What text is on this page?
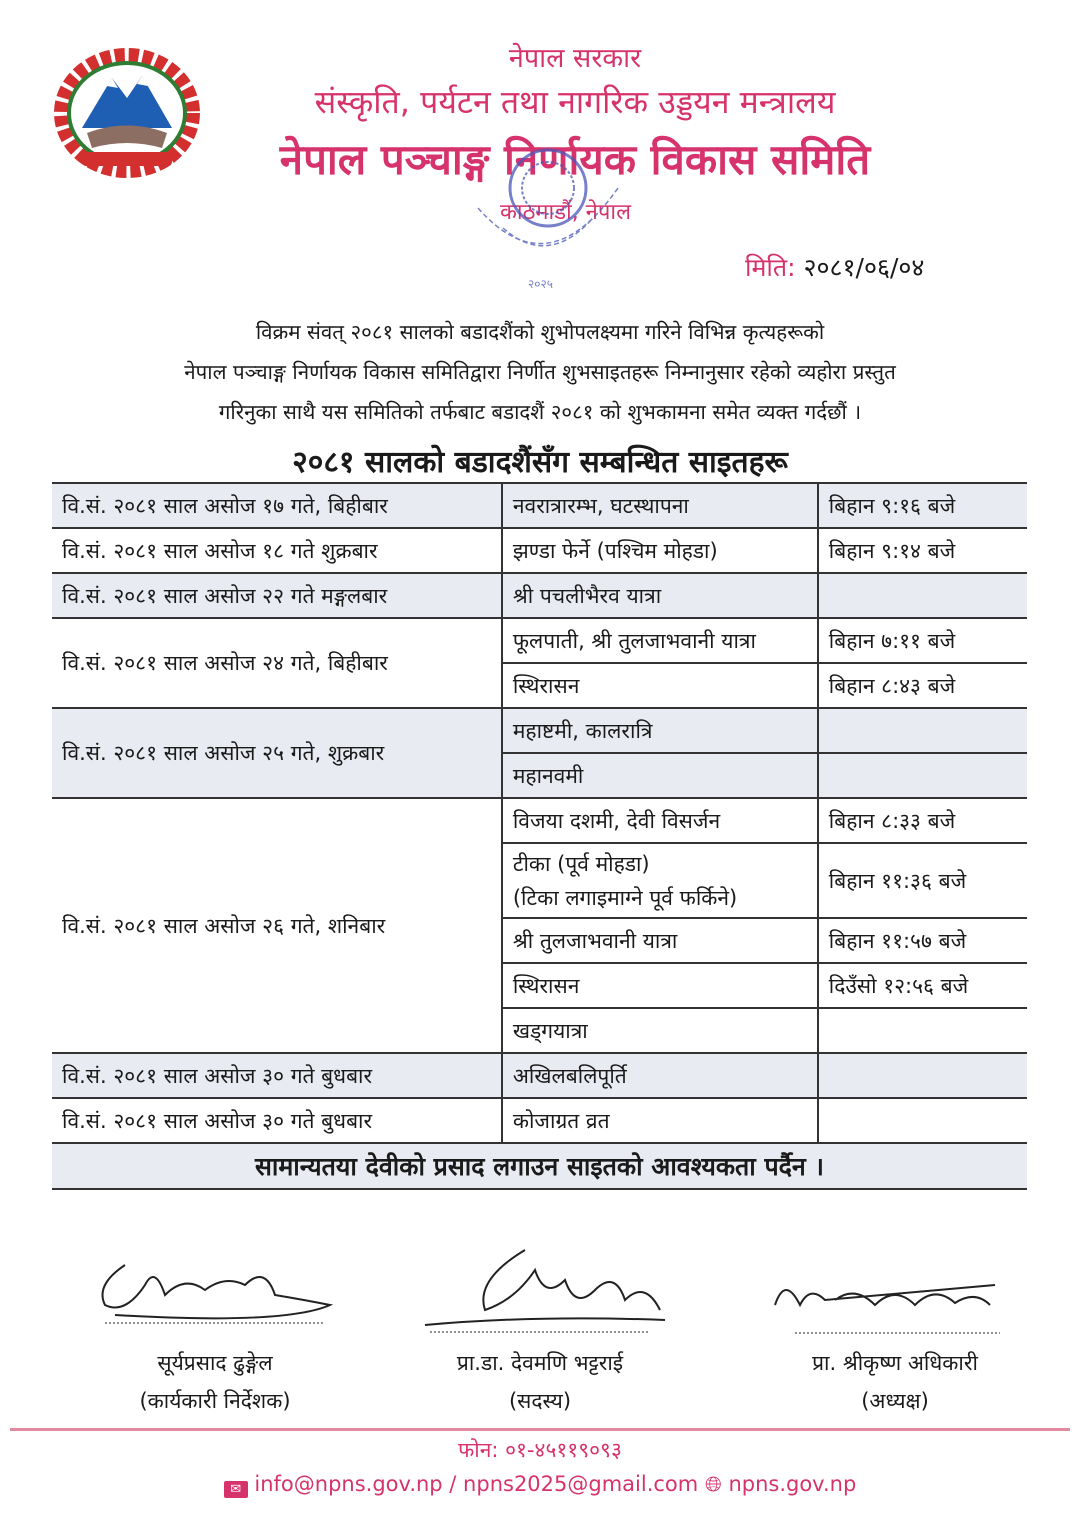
नेपाल सरकार
संस्कृति, पर्यटन तथा नागरिक उड्डयन मन्त्रालय
नेपाल पञ्चाङ्ग निर्णायक विकास समिति
काठमाडौं, नेपाल
२०२५
मिति: २०८१/०६/०४
विक्रम संवत् २०८१ सालको बडादशैंको शुभोपलक्ष्यमा गरिने विभिन्न कृत्यहरूको
नेपाल पञ्चाङ्ग निर्णायक विकास समितिद्वारा निर्णीत शुभसाइतहरू निम्नानुसार रहेको व्यहोरा प्रस्तुत
गरिनुका साथै यस समितिको तर्फबाट बडादशैं २०८१ को शुभकामना समेत व्यक्त गर्दछौं ।
२०८१ सालको बडादशैंसँग सम्बन्धित साइतहरू
वि.सं. २०८१ साल असोज १७ गते, बिहीबार	नवरात्रारम्भ, घटस्थापना	बिहान ९:१६ बजे
वि.सं. २०८१ साल असोज १८ गते शुक्रबार	झण्डा फेर्ने (पश्चिम मोहडा)	बिहान ९:१४ बजे
वि.सं. २०८१ साल असोज २२ गते मङ्गलबार	श्री पचलीभैरव यात्रा	
वि.सं. २०८१ साल असोज २४ गते, बिहीबार	फूलपाती, श्री तुलजाभवानी यात्रा	बिहान ७:११ बजे
	स्थिरासन	बिहान ८:४३ बजे
वि.सं. २०८१ साल असोज २५ गते, शुक्रबार	महाष्टमी, कालरात्रि	
	महानवमी	
वि.सं. २०८१ साल असोज २६ गते, शनिबार	विजया दशमी, देवी विसर्जन	बिहान ८:३३ बजे

	टीका (पूर्व मोहडा)
(टिका लगाइमाग्ने पूर्व फर्किने)	बिहान ११:३६ बजे
	श्री तुलजाभवानी यात्रा	बिहान ११:५७ बजे
	स्थिरासन	दिउँसो १२:५६ बजे
	खड्गयात्रा	
वि.सं. २०८१ साल असोज ३० गते बुधबार	अखिलबलिपूर्ति	
वि.सं. २०८१ साल असोज ३० गते बुधबार	कोजाग्रत व्रत	
सामान्यतया देवीको प्रसाद लगाउन साइतको आवश्यकता पर्दैन ।		
सूर्यप्रसाद ढुङ्गेल
(कार्यकारी निर्देशक)
प्रा.डा. देवमणि भट्टराई
(सदस्य)
प्रा. श्रीकृष्ण अधिकारी
(अध्यक्ष)
फोन: ०१-४५११९०९३
✉ info@npns.gov.np / npns2025@gmail.com 🌐︎ npns.gov.np
